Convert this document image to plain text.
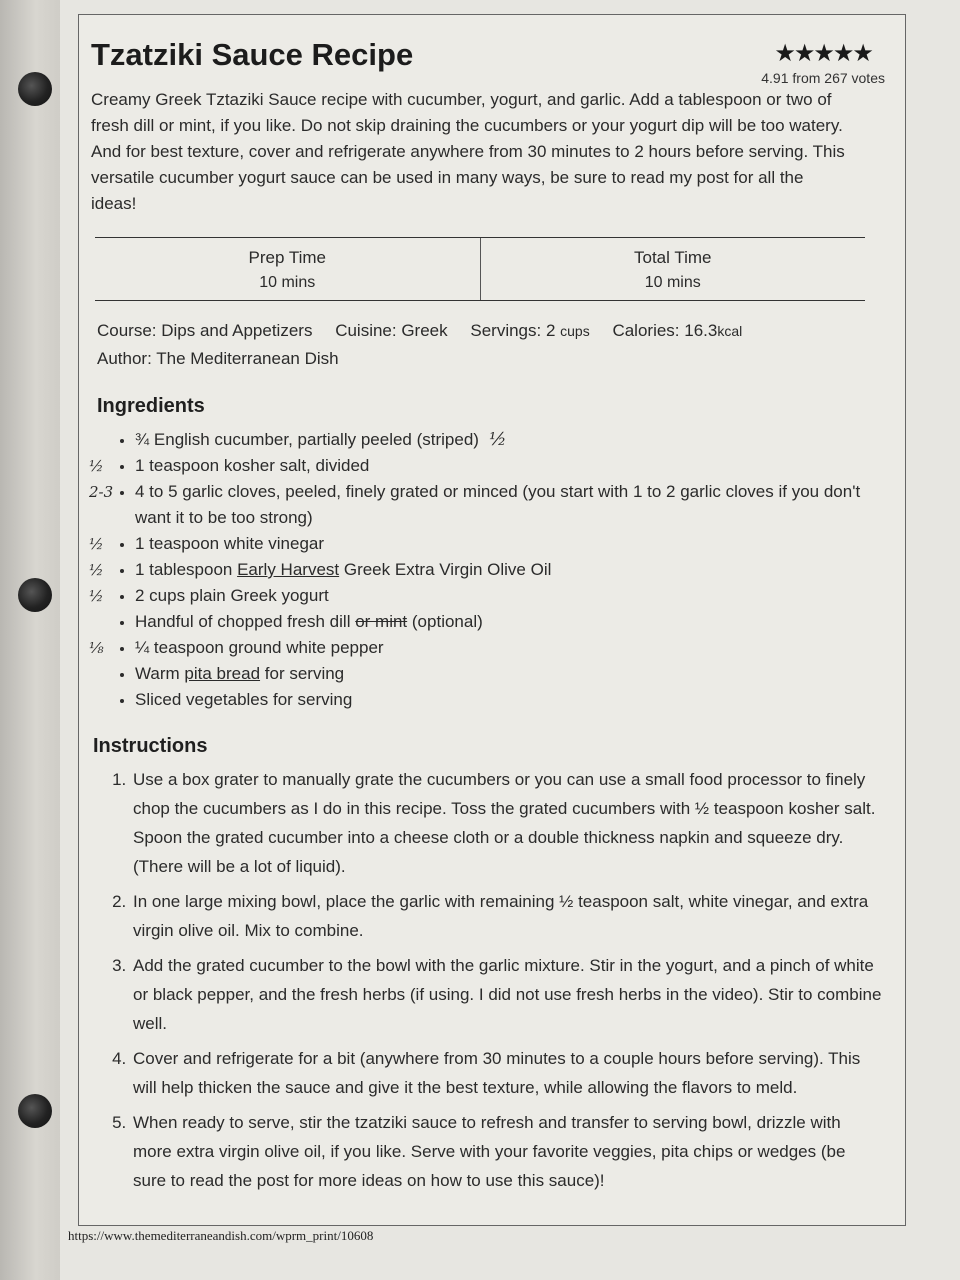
Tzatziki Sauce Recipe	★★★★★
4.91 from 267 votes

Creamy Greek Tztaziki Sauce recipe with cucumber, yogurt, and garlic. Add a tablespoon or two of fresh dill or mint, if you like. Do not skip draining the cucumbers or your yogurt dip will be too watery. And for best texture, cover and refrigerate anywhere from 30 minutes to 2 hours before serving. This versatile cucumber yogurt sauce can be used in many ways, be sure to read my post for all the ideas!

Prep Time
10 mins
Total Time
10 mins
Course: Dips and Appetizers Cuisine: Greek Servings: 2 cups Calories: 16.3kcal
Author: The Mediterranean Dish
Ingredients
• ¾ English cucumber, partially peeled (striped) ½
• ½ 1 teaspoon kosher salt, divided
• 2-3 4 to 5 garlic cloves, peeled, finely grated or minced (you start with 1 to 2 garlic cloves if you don't want it to be too strong)
• ½ 1 teaspoon white vinegar
• ½ 1 tablespoon Early Harvest Greek Extra Virgin Olive Oil
• ½ 2 cups plain Greek yogurt
• Handful of chopped fresh dill or mint (optional)
• ⅛ ¼ teaspoon ground white pepper
• Warm pita bread for serving
• Sliced vegetables for serving
Instructions
1. Use a box grater to manually grate the cucumbers or you can use a small food processor to finely chop the cucumbers as I do in this recipe. Toss the grated cucumbers with ½ teaspoon kosher salt. Spoon the grated cucumber into a cheese cloth or a double thickness napkin and squeeze dry. (There will be a lot of liquid).
2. In one large mixing bowl, place the garlic with remaining ½ teaspoon salt, white vinegar, and extra virgin olive oil. Mix to combine.
3. Add the grated cucumber to the bowl with the garlic mixture. Stir in the yogurt, and a pinch of white or black pepper, and the fresh herbs (if using. I did not use fresh herbs in the video). Stir to combine well.
4. Cover and refrigerate for a bit (anywhere from 30 minutes to a couple hours before serving). This will help thicken the sauce and give it the best texture, while allowing the flavors to meld.
5. When ready to serve, stir the tzatziki sauce to refresh and transfer to serving bowl, drizzle with more extra virgin olive oil, if you like. Serve with your favorite veggies, pita chips or wedges (be sure to read the post for more ideas on how to use this sauce)!
https://www.themediterraneandish.com/wprm_print/10608
